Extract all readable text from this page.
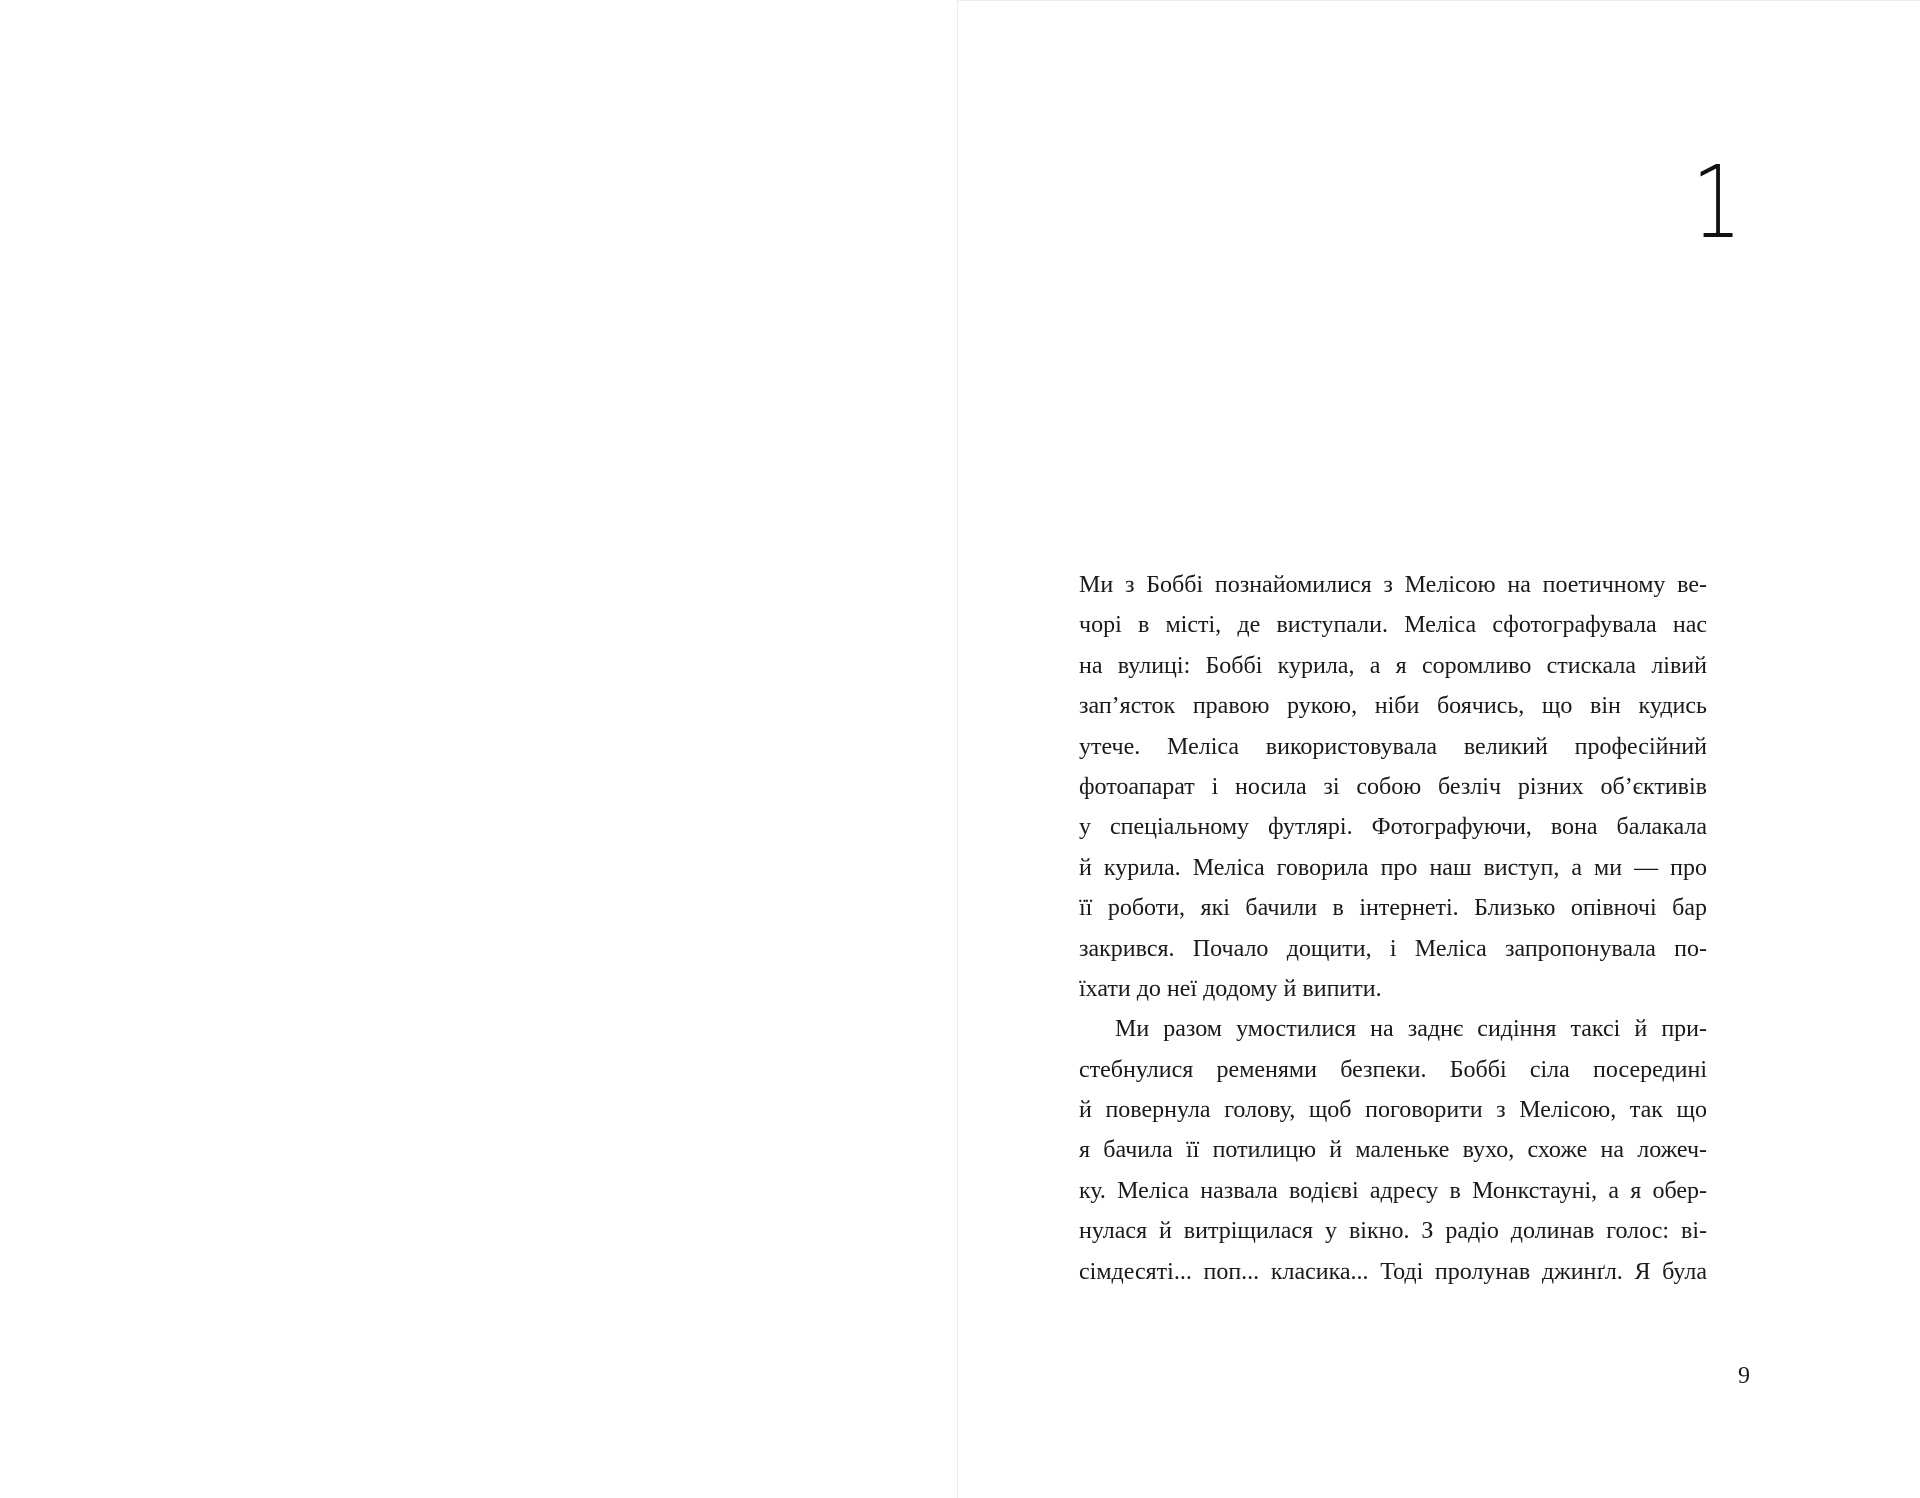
1
Ми з Боббі познайомилися з Мелісою на поетичному ве-
чорі в місті, де виступали. Меліса сфотографувала нас
на вулиці: Боббі курила, а я соромливо стискала лівий
зап’ясток правою рукою, ніби боячись, що він кудись
утече. Меліса використовувала великий професійний
фотоапарат і носила зі собою безліч різних об’єктивів
у спеціальному футлярі. Фотографуючи, вона балакала
й курила. Меліса говорила про наш виступ, а ми — про
її роботи, які бачили в інтернеті. Близько опівночі бар
закрився. Почало дощити, і Меліса запропонувала по-
їхати до неї додому й випити.
Ми разом умостилися на заднє сидіння таксі й при-
стебнулися ременями безпеки. Боббі сіла посередині
й повернула голову, щоб поговорити з Мелісою, так що
я бачила її потилицю й маленьке вухо, схоже на ложеч-
ку. Меліса назвала водієві адресу в Монкстауні, а я обер-
нулася й витріщилася у вікно. З радіо долинав голос: ві-
сімдесяті... поп... класика... Тоді пролунав джинґл. Я була
9
